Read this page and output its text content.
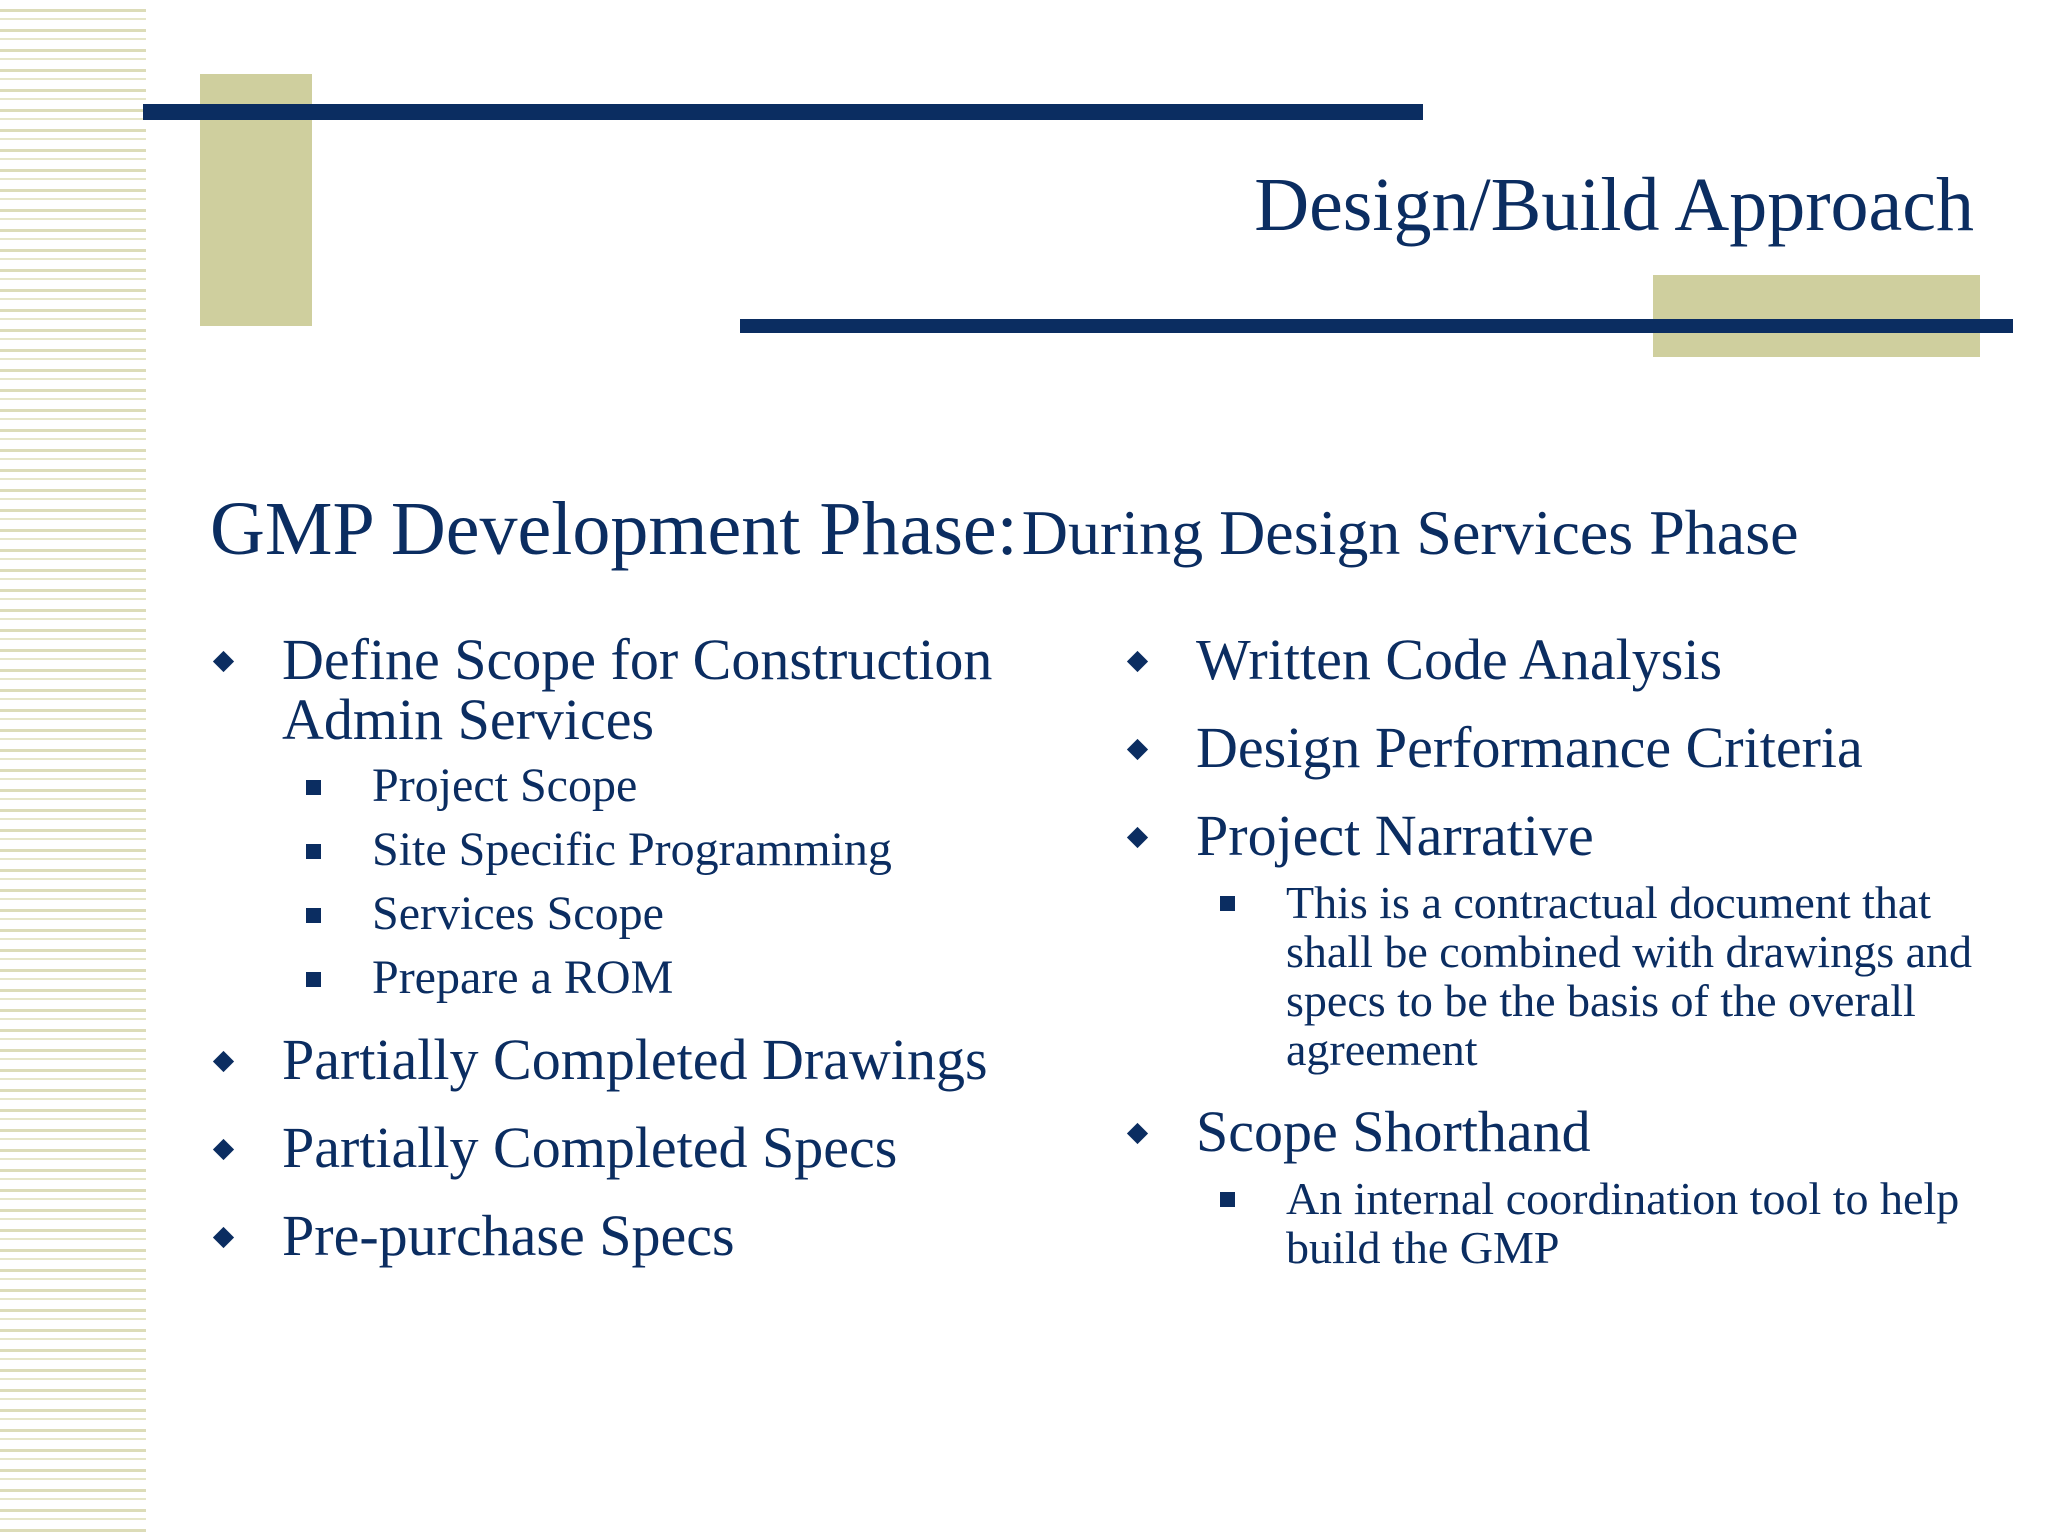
Design/Build Approach
GMP Development Phase: During Design Services Phase
Define Scope for Construction Admin Services
Project Scope
Site Specific Programming
Services Scope
Prepare a ROM
Partially Completed Drawings
Partially Completed Specs
Pre-purchase Specs
Written Code Analysis
Design Performance Criteria
Project Narrative
This is a contractual document that shall be combined with drawings and specs to be the basis of the overall agreement
Scope Shorthand
An internal coordination tool to help build the GMP
